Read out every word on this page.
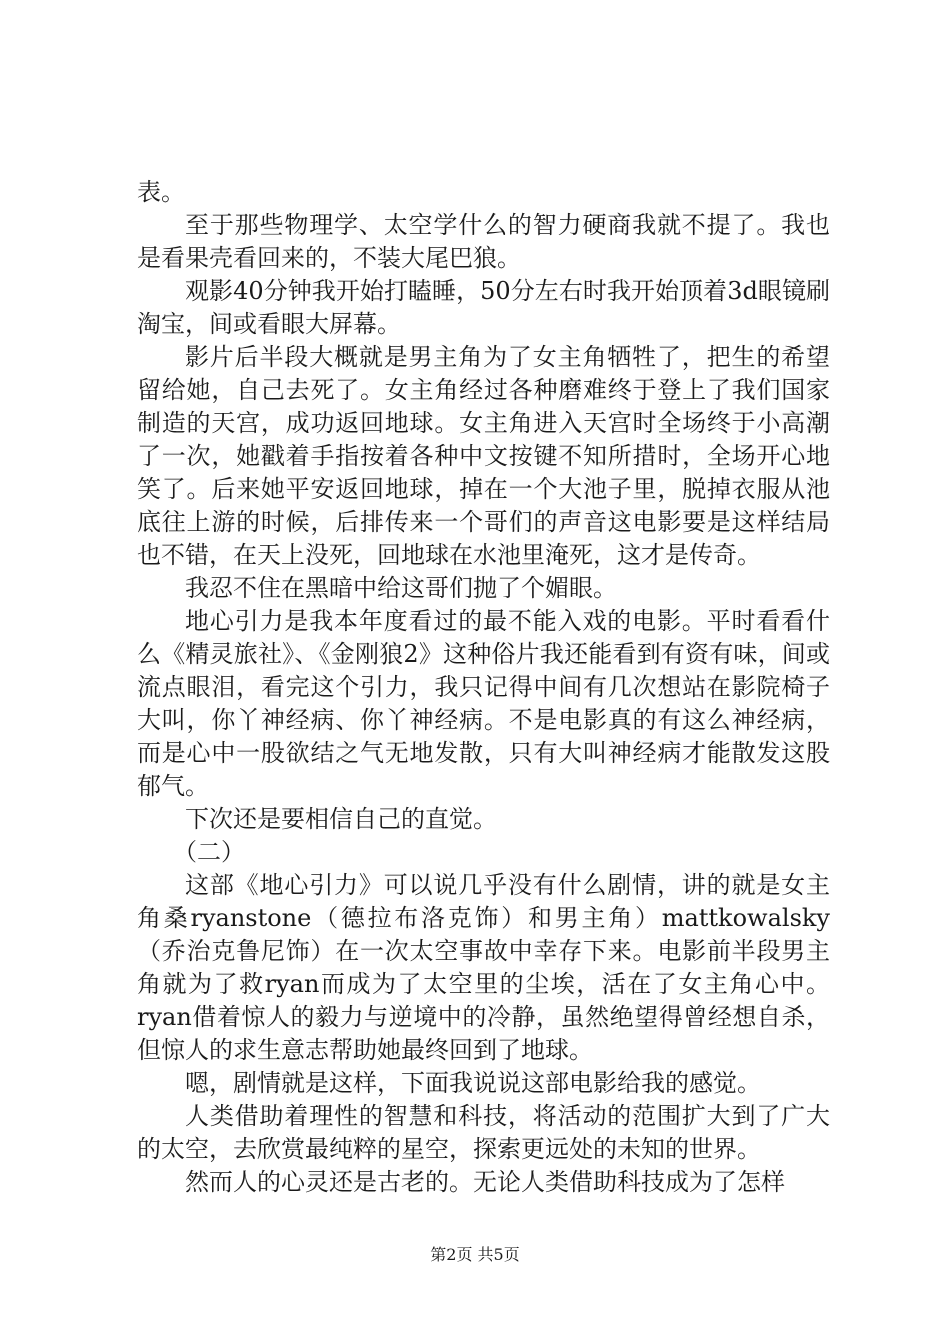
表。

至于那些物理学、太空学什么的智力硬商我就不提了。我也是看果壳看回来的，不装大尾巴狼。

观影40分钟我开始打瞌睡，50分左右时我开始顶着3d眼镜刷淘宝，间或看眼大屏幕。

影片后半段大概就是男主角为了女主角牺牲了，把生的希望留给她，自己去死了。女主角经过各种磨难终于登上了我们国家制造的天宫，成功返回地球。女主角进入天宫时全场终于小高潮了一次，她戳着手指按着各种中文按键不知所措时，全场开心地笑了。后来她平安返回地球，掉在一个大池子里，脱掉衣服从池底往上游的时候，后排传来一个哥们的声音这电影要是这样结局也不错，在天上没死，回地球在水池里淹死，这才是传奇。

我忍不住在黑暗中给这哥们抛了个媚眼。

地心引力是我本年度看过的最不能入戏的电影。平时看看什么《精灵旅社》、《金刚狼2》这种俗片我还能看到有资有味，间或流点眼泪，看完这个引力，我只记得中间有几次想站在影院椅子大叫，你丫神经病、你丫神经病。不是电影真的有这么神经病，而是心中一股欲结之气无地发散，只有大叫神经病才能散发这股郁气。

下次还是要相信自己的直觉。

（二）

这部《地心引力》可以说几乎没有什么剧情，讲的就是女主角桑ryanstone（德拉布洛克饰）和男主角）mattkowalsky（乔治克鲁尼饰）在一次太空事故中幸存下来。电影前半段男主角就为了救ryan而成为了太空里的尘埃，活在了女主角心中。ryan借着惊人的毅力与逆境中的冷静，虽然绝望得曾经想自杀，但惊人的求生意志帮助她最终回到了地球。

嗯，剧情就是这样，下面我说说这部电影给我的感觉。

人类借助着理性的智慧和科技，将活动的范围扩大到了广大的太空，去欣赏最纯粹的星空，探索更远处的未知的世界。

然而人的心灵还是古老的。无论人类借助科技成为了怎样

第2页 共5页
